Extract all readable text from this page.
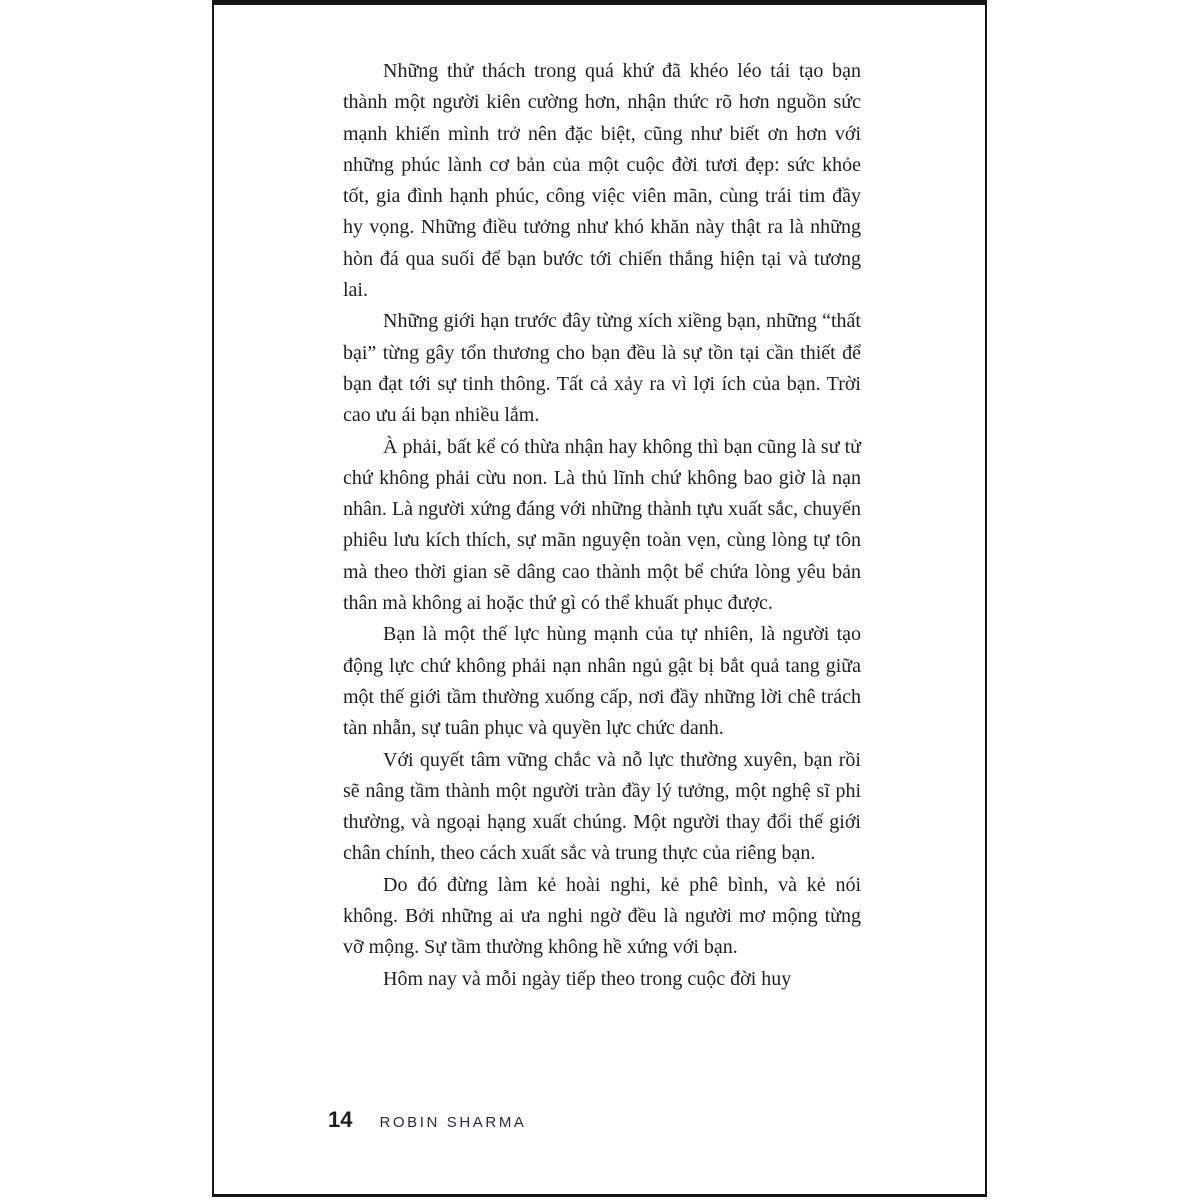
Những thử thách trong quá khứ đã khéo léo tái tạo bạn thành một người kiên cường hơn, nhận thức rõ hơn nguồn sức mạnh khiến mình trở nên đặc biệt, cũng như biết ơn hơn với những phúc lành cơ bản của một cuộc đời tươi đẹp: sức khỏe tốt, gia đình hạnh phúc, công việc viên mãn, cùng trái tim đầy hy vọng. Những điều tưởng như khó khăn này thật ra là những hòn đá qua suối để bạn bước tới chiến thắng hiện tại và tương lai.

Những giới hạn trước đây từng xích xiềng bạn, những “thất bại” từng gây tổn thương cho bạn đều là sự tồn tại cần thiết để bạn đạt tới sự tinh thông. Tất cả xảy ra vì lợi ích của bạn. Trời cao ưu ái bạn nhiều lắm.

À phải, bất kể có thừa nhận hay không thì bạn cũng là sư tử chứ không phải cừu non. Là thủ lĩnh chứ không bao giờ là nạn nhân. Là người xứng đáng với những thành tựu xuất sắc, chuyến phiêu lưu kích thích, sự mãn nguyện toàn vẹn, cùng lòng tự tôn mà theo thời gian sẽ dâng cao thành một bể chứa lòng yêu bản thân mà không ai hoặc thứ gì có thể khuất phục được.

Bạn là một thế lực hùng mạnh của tự nhiên, là người tạo động lực chứ không phải nạn nhân ngủ gật bị bắt quả tang giữa một thế giới tầm thường xuống cấp, nơi đầy những lời chê trách tàn nhẫn, sự tuân phục và quyền lực chức danh.

Với quyết tâm vững chắc và nỗ lực thường xuyên, bạn rồi sẽ nâng tầm thành một người tràn đầy lý tưởng, một nghệ sĩ phi thường, và ngoại hạng xuất chúng. Một người thay đổi thế giới chân chính, theo cách xuất sắc và trung thực của riêng bạn.

Do đó đừng làm kẻ hoài nghi, kẻ phê bình, và kẻ nói không. Bởi những ai ưa nghi ngờ đều là người mơ mộng từng vỡ mộng. Sự tầm thường không hề xứng với bạn.

Hôm nay và mỗi ngày tiếp theo trong cuộc đời huy

14 ROBIN SHARMA
